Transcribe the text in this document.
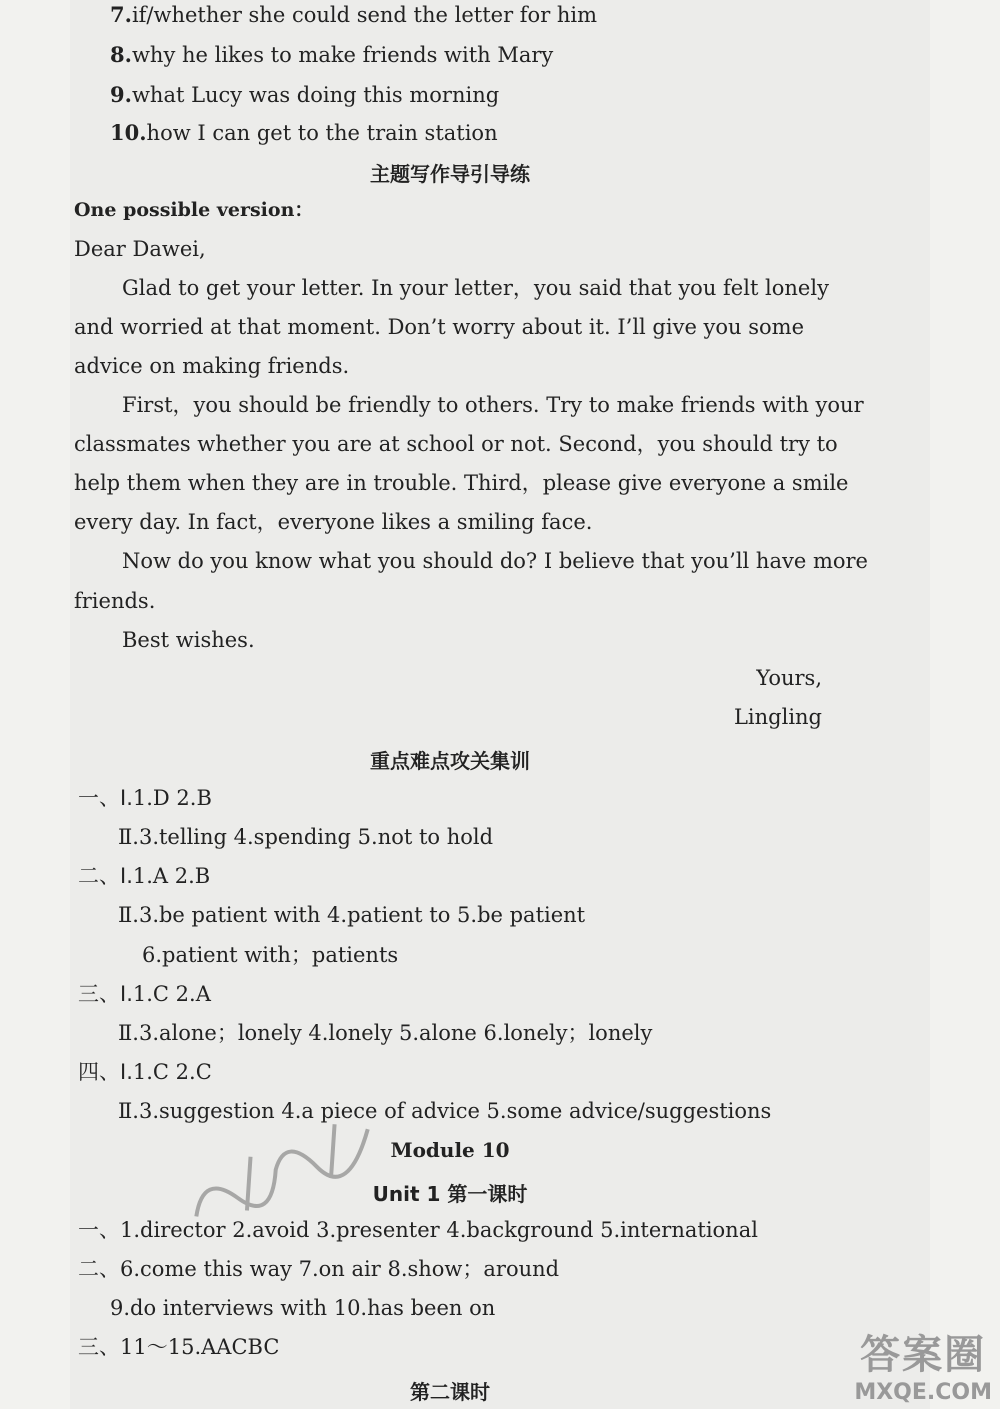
7.if/whether she could send the letter for him
8.why he likes to make friends with Mary
9.what Lucy was doing this morning
10.how I can get to the train station
主题写作导引导练
One possible version：
Dear Dawei,
Glad to get your letter. In your letter，you said that you felt lonely
and worried at that moment. Don’t worry about it. I’ll give you some
advice on making friends.
First，you should be friendly to others. Try to make friends with your
classmates whether you are at school or not. Second，you should try to
help them when they are in trouble. Third，please give everyone a smile
every day. In fact，everyone likes a smiling face.
Now do you know what you should do? I believe that you’ll have more
friends.
Best wishes.
Yours,
Lingling
重点难点攻关集训
一、Ⅰ.1.D 2.B
Ⅱ.3.telling 4.spending 5.not to hold
二、Ⅰ.1.A 2.B
Ⅱ.3.be patient with 4.patient to 5.be patient
6.patient with；patients
三、Ⅰ.1.C 2.A
Ⅱ.3.alone；lonely 4.lonely 5.alone 6.lonely；lonely
四、Ⅰ.1.C 2.C
Ⅱ.3.suggestion 4.a piece of advice 5.some advice/suggestions
Module 10
Unit 1 第一课时
一、1.director 2.avoid 3.presenter 4.background 5.international
二、6.come this way 7.on air 8.show；around
9.do interviews with 10.has been on
三、11～15.AACBC
第二课时
答案圈
MXQE.COM
